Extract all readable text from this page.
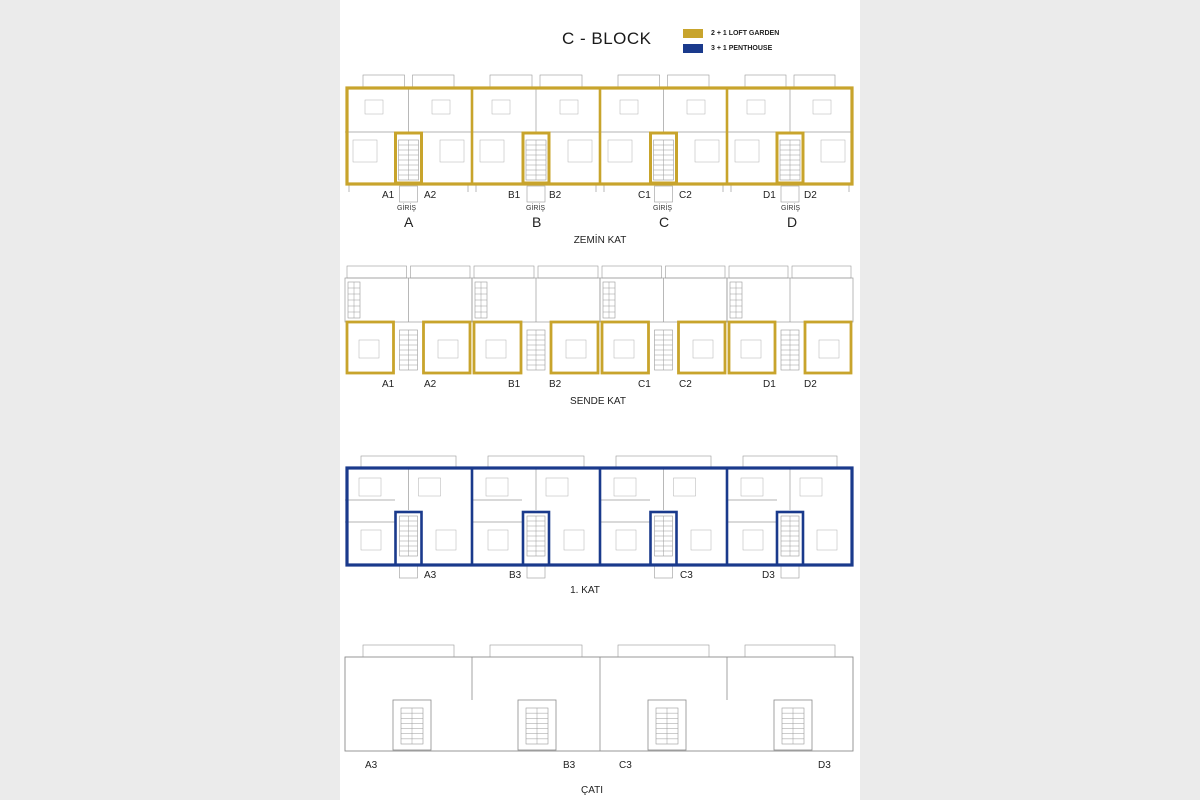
C - BLOCK	2 + 1 LOFT GARDEN
3 + 1 PENTHOUSE
A1	A2	B1	B2	C1	C2	D1	D2
GİRİŞ	GİRİŞ	GİRİŞ	GİRİŞ
A	B	C	D
ZEMİN KAT
A1	A2	B1	B2	C1	C2	D1	D2
SENDE KAT
A3	B3	C3	D3
1. KAT
A3	B3	C3	D3
ÇATI
